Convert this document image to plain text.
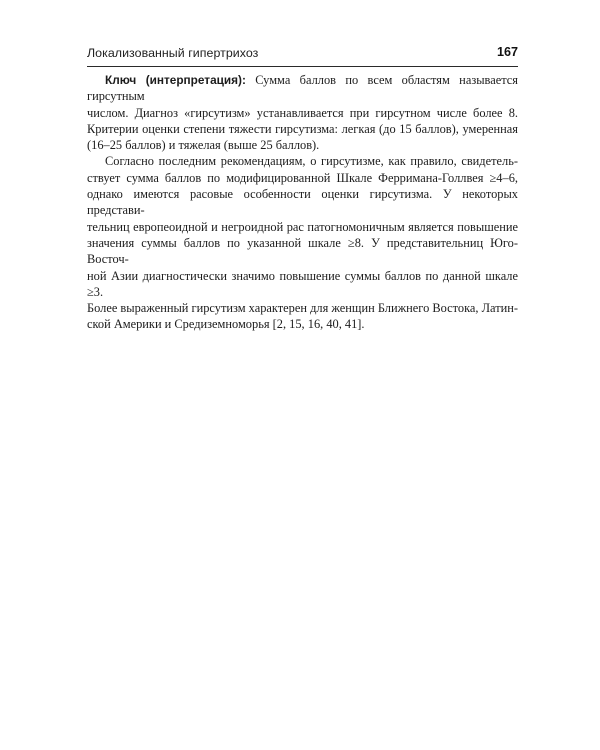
Локализованный гипертрихоз	167

Ключ (интерпретация): Сумма баллов по всем областям называется гирсутным
числом. Диагноз «гирсутизм» устанавливается при гирсутном числе более 8.
Критерии оценки степени тяжести гирсутизма: легкая (до 15 баллов), умеренная
(16–25 баллов) и тяжелая (выше 25 баллов).

Согласно последним рекомендациям, о гирсутизме, как правило, свидетель-
ствует сумма баллов по модифицированной Шкале Ферримана-Голлвея ≥4–6,
однако имеются расовые особенности оценки гирсутизма. У некоторых представи-
тельниц европеоидной и негроидной рас патогномоничным является повышение
значения суммы баллов по указанной шкале ≥8. У представительниц Юго-Восточ-
ной Азии диагностически значимо повышение суммы баллов по данной шкале ≥3.
Более выраженный гирсутизм характерен для женщин Ближнего Востока, Латин-
ской Америки и Средиземноморья [2, 15, 16, 40, 41].
